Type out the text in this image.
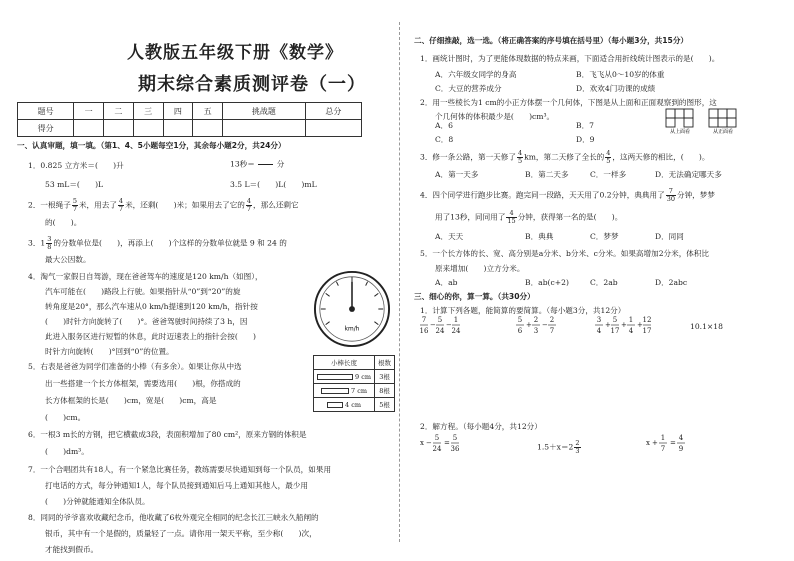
人教版五年级下册《数学》
期末综合素质测评卷（一）
题号	一	二	三	四	五	挑战题	总分
得分							
一、认真审题，填一填。（第1、4、5小题每空1分，其余每小题2分，共24分）
1．0.825 立方米＝(　　)升	13秒＝

　　	分
53 mL＝(　　)L	3.5 L＝(　　)L(　　)mL
2．一根绳子 $\frac{5}{7}$ 米，用去了 $\frac{4}{7}$ 米，还剩(　　)米；如果用去了它的 $\frac{4}{7}$ ，那么还剩它
的(　　)。
3．$1 \frac{3}{8}$ 的分数单位是(　　)，再添上(　　)个这样的分数单位就是 9 和 24 的
最大公因数。
4．淘气一家假日自驾游，现在爸爸驾车的速度是120 km/h（如图），
汽车可能在(　　)路段上行驶。如果指针从“0”到“20”的旋
转角度是20°，那么汽车速从0 km/h提速到120 km/h，指针按
(　　)时针方向旋转了(　　)°。爸爸驾驶时间持续了3 h，因
此进入服务区进行短暂的休息，此时迈速表上的指针会按(　　)
时针方向旋转(　　)°回到“0”的位置。
km/h
小棒长度	根数
9 cm	3根
7 cm	8根
4 cm	5根
5．右表是爸爸为同学们准备的小棒（有多余）。如果让你从中选
出一些搭建一个长方体框架，需要选用(　　)根，你搭成的
长方体框架的长是(　　)cm，宽是(　　)cm，高是
(　　)cm。
6．一根3 m长的方钢，把它横截成3段，表面积增加了80 cm²，原来方钢的体积是
(　　)dm³。
7．一个合唱团共有18人，有一个紧急比赛任务，教练需要尽快通知到每一个队员，如果用
打电话的方式，每分钟通知1人，每个队员接到通知后马上通知其他人，最少用
(　　)分钟就能通知全体队员。
8．同同的爷爷喜欢收藏纪念币，他收藏了6枚外观完全相同的纪念长江三峡永久船闸的
银币，其中有一个是假的，质量轻了一点。请你用一架天平称，至少称(　　)次，
才能找到假币。
二、仔细推敲，选一选。（将正确答案的序号填在括号里）（每小题3分，共15分）
1．画统计图时，为了更能体现数据的特点来画，下面适合用折线统计图表示的是(　　)。
A．六年级女同学的身高	B．飞飞从0～10岁的体重
C．大豆的营养成分	D．欢欢4门功课的成绩
2．用一些棱长为1 cm的小正方体摆一个几何体，下图是从上面和正面观察到的图形，这
个几何体的体积最少是(　　)cm³。
A．6	B．7
C．8	D．9
从上面看	从正面看
3．修一条公路，第一天修了 $\frac{4}{5}$ km，第二天修了全长的 $\frac{4}{5}$ ，这两天修的相比，(　　)。
A．第一天多	B．第二天多	C．一样多	D．无法确定哪天多
4．四个同学进行跑步比赛。跑完同一段路，天天用了0.2分钟，典典用了 $\frac{7}{30}$ 分钟，梦梦
用了13秒，同同用了 $\frac{4}{15}$ 分钟，获得第一名的是(　　)。
A．天天	B．典典	C．梦梦	D．同同
5．一个长方体的长、宽、高分别是a分米、b分米、c分米。如果高增加2分米，体积比
原来增加(　　)立方分米。
A．ab	B．ab(c+2)	C．2ab	D．2abc
三、细心的你，算一算。（共30分）
1．计算下列各题，能简算的要简算。（每小题3分，共12分）
7
16
−
5
24
−
1
24
5
6
+
2
3
−
2
7
3
4
+
5
17
+
1
4
+
12
17	10.1×18
2．解方程。（每小题4分，共12分）
x −
5
24
=
5
36	$1.5+x=2 \frac{2}{3}$	x +
1
7
=
4
9
